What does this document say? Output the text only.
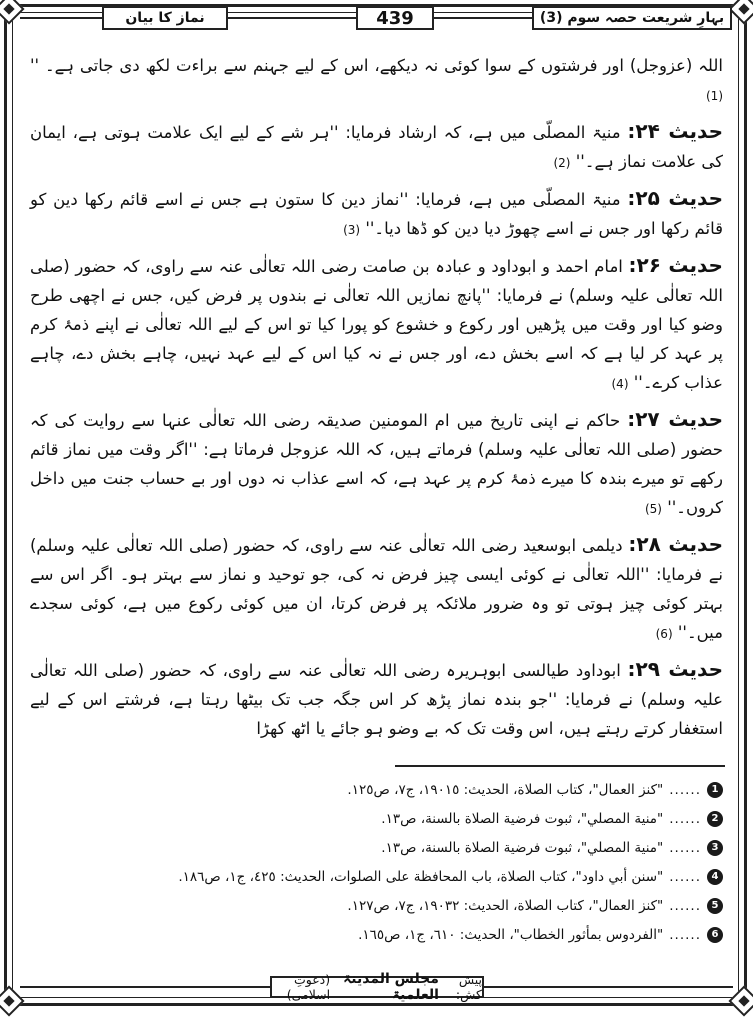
نماز کا بیان	439	بہارِ شریعت حصہ سوم (3)

اللہ (عزوجل) اور فرشتوں کے سوا کوئی نہ دیکھے، اس کے لیے جہنم سے براءت لکھ دی جاتی ہے۔ '' (1)

حدیث ۲۴: منیۃ المصلّی میں ہے، کہ ارشاد فرمایا: ''ہر شے کے لیے ایک علامت ہوتی ہے، ایمان کی علامت نماز ہے۔'' (2)

حدیث ۲۵: منیۃ المصلّی میں ہے، فرمایا: ''نماز دین کا ستون ہے جس نے اسے قائم رکھا دین کو قائم رکھا اور جس نے اسے چھوڑ دیا دین کو ڈھا دیا۔'' (3)

حدیث ۲۶: امام احمد و ابوداود و عبادہ بن صامت رضی اللہ تعالٰی عنہ سے راوی، کہ حضور (صلی اللہ تعالٰی علیہ وسلم) نے فرمایا: ''پانچ نمازیں اللہ تعالٰی نے بندوں پر فرض کیں، جس نے اچھی طرح وضو کیا اور وقت میں پڑھیں اور رکوع و خشوع کو پورا کیا تو اس کے لیے اللہ تعالٰی نے اپنے ذمۂ کرم پر عہد کر لیا ہے کہ اسے بخش دے، اور جس نے نہ کیا اس کے لیے عہد نہیں، چاہے بخش دے، چاہے عذاب کرے۔'' (4)

حدیث ۲۷: حاکم نے اپنی تاریخ میں ام المومنین صدیقہ رضی اللہ تعالٰی عنہا سے روایت کی کہ حضور (صلی اللہ تعالٰی علیہ وسلم) فرماتے ہیں، کہ اللہ عزوجل فرماتا ہے: ''اگر وقت میں نماز قائم رکھے تو میرے بندہ کا میرے ذمۂ کرم پر عہد ہے، کہ اسے عذاب نہ دوں اور بے حساب جنت میں داخل کروں۔'' (5)

حدیث ۲۸: دیلمی ابوسعید رضی اللہ تعالٰی عنہ سے راوی، کہ حضور (صلی اللہ تعالٰی علیہ وسلم) نے فرمایا: ''اللہ تعالٰی نے کوئی ایسی چیز فرض نہ کی، جو توحید و نماز سے بہتر ہو۔ اگر اس سے بہتر کوئی چیز ہوتی تو وہ ضرور ملائکہ پر فرض کرتا، ان میں کوئی رکوع میں ہے، کوئی سجدے میں۔'' (6)

حدیث ۲۹: ابوداود طیالسی ابوہریرہ رضی اللہ تعالٰی عنہ سے راوی، کہ حضور (صلی اللہ تعالٰی علیہ وسلم) نے فرمایا: ''جو بندہ نماز پڑھ کر اس جگہ جب تک بیٹھا رہتا ہے، فرشتے اس کے لیے استغفار کرتے رہتے ہیں، اس وقت تک کہ بے وضو ہو جائے یا اٹھ کھڑا

1
......
"كنز العمال"، كتاب الصلاة، الحديث: ١٩٠١٥، ج٧، ص١٢٥.
2
......
"منية المصلي"، ثبوت فرضية الصلاة بالسنة، ص١٣.
3
......
"منية المصلي"، ثبوت فرضية الصلاة بالسنة، ص١٣.
4
......
"سنن أبي داود"، كتاب الصلاة، باب المحافظة على الصلوات، الحديث: ٤٢٥، ج١، ص١٨٦.
5
......
"كنز العمال"، كتاب الصلاة، الحديث: ١٩٠٣٢، ج٧، ص١٢٧.
6
......
"الفردوس بمأثور الخطاب"، الحديث: ٦١٠، ج١، ص١٦٥.
پیش کش:
مجلس المدینۃ العلمیۃ
(دعوتِ اسلامی)
